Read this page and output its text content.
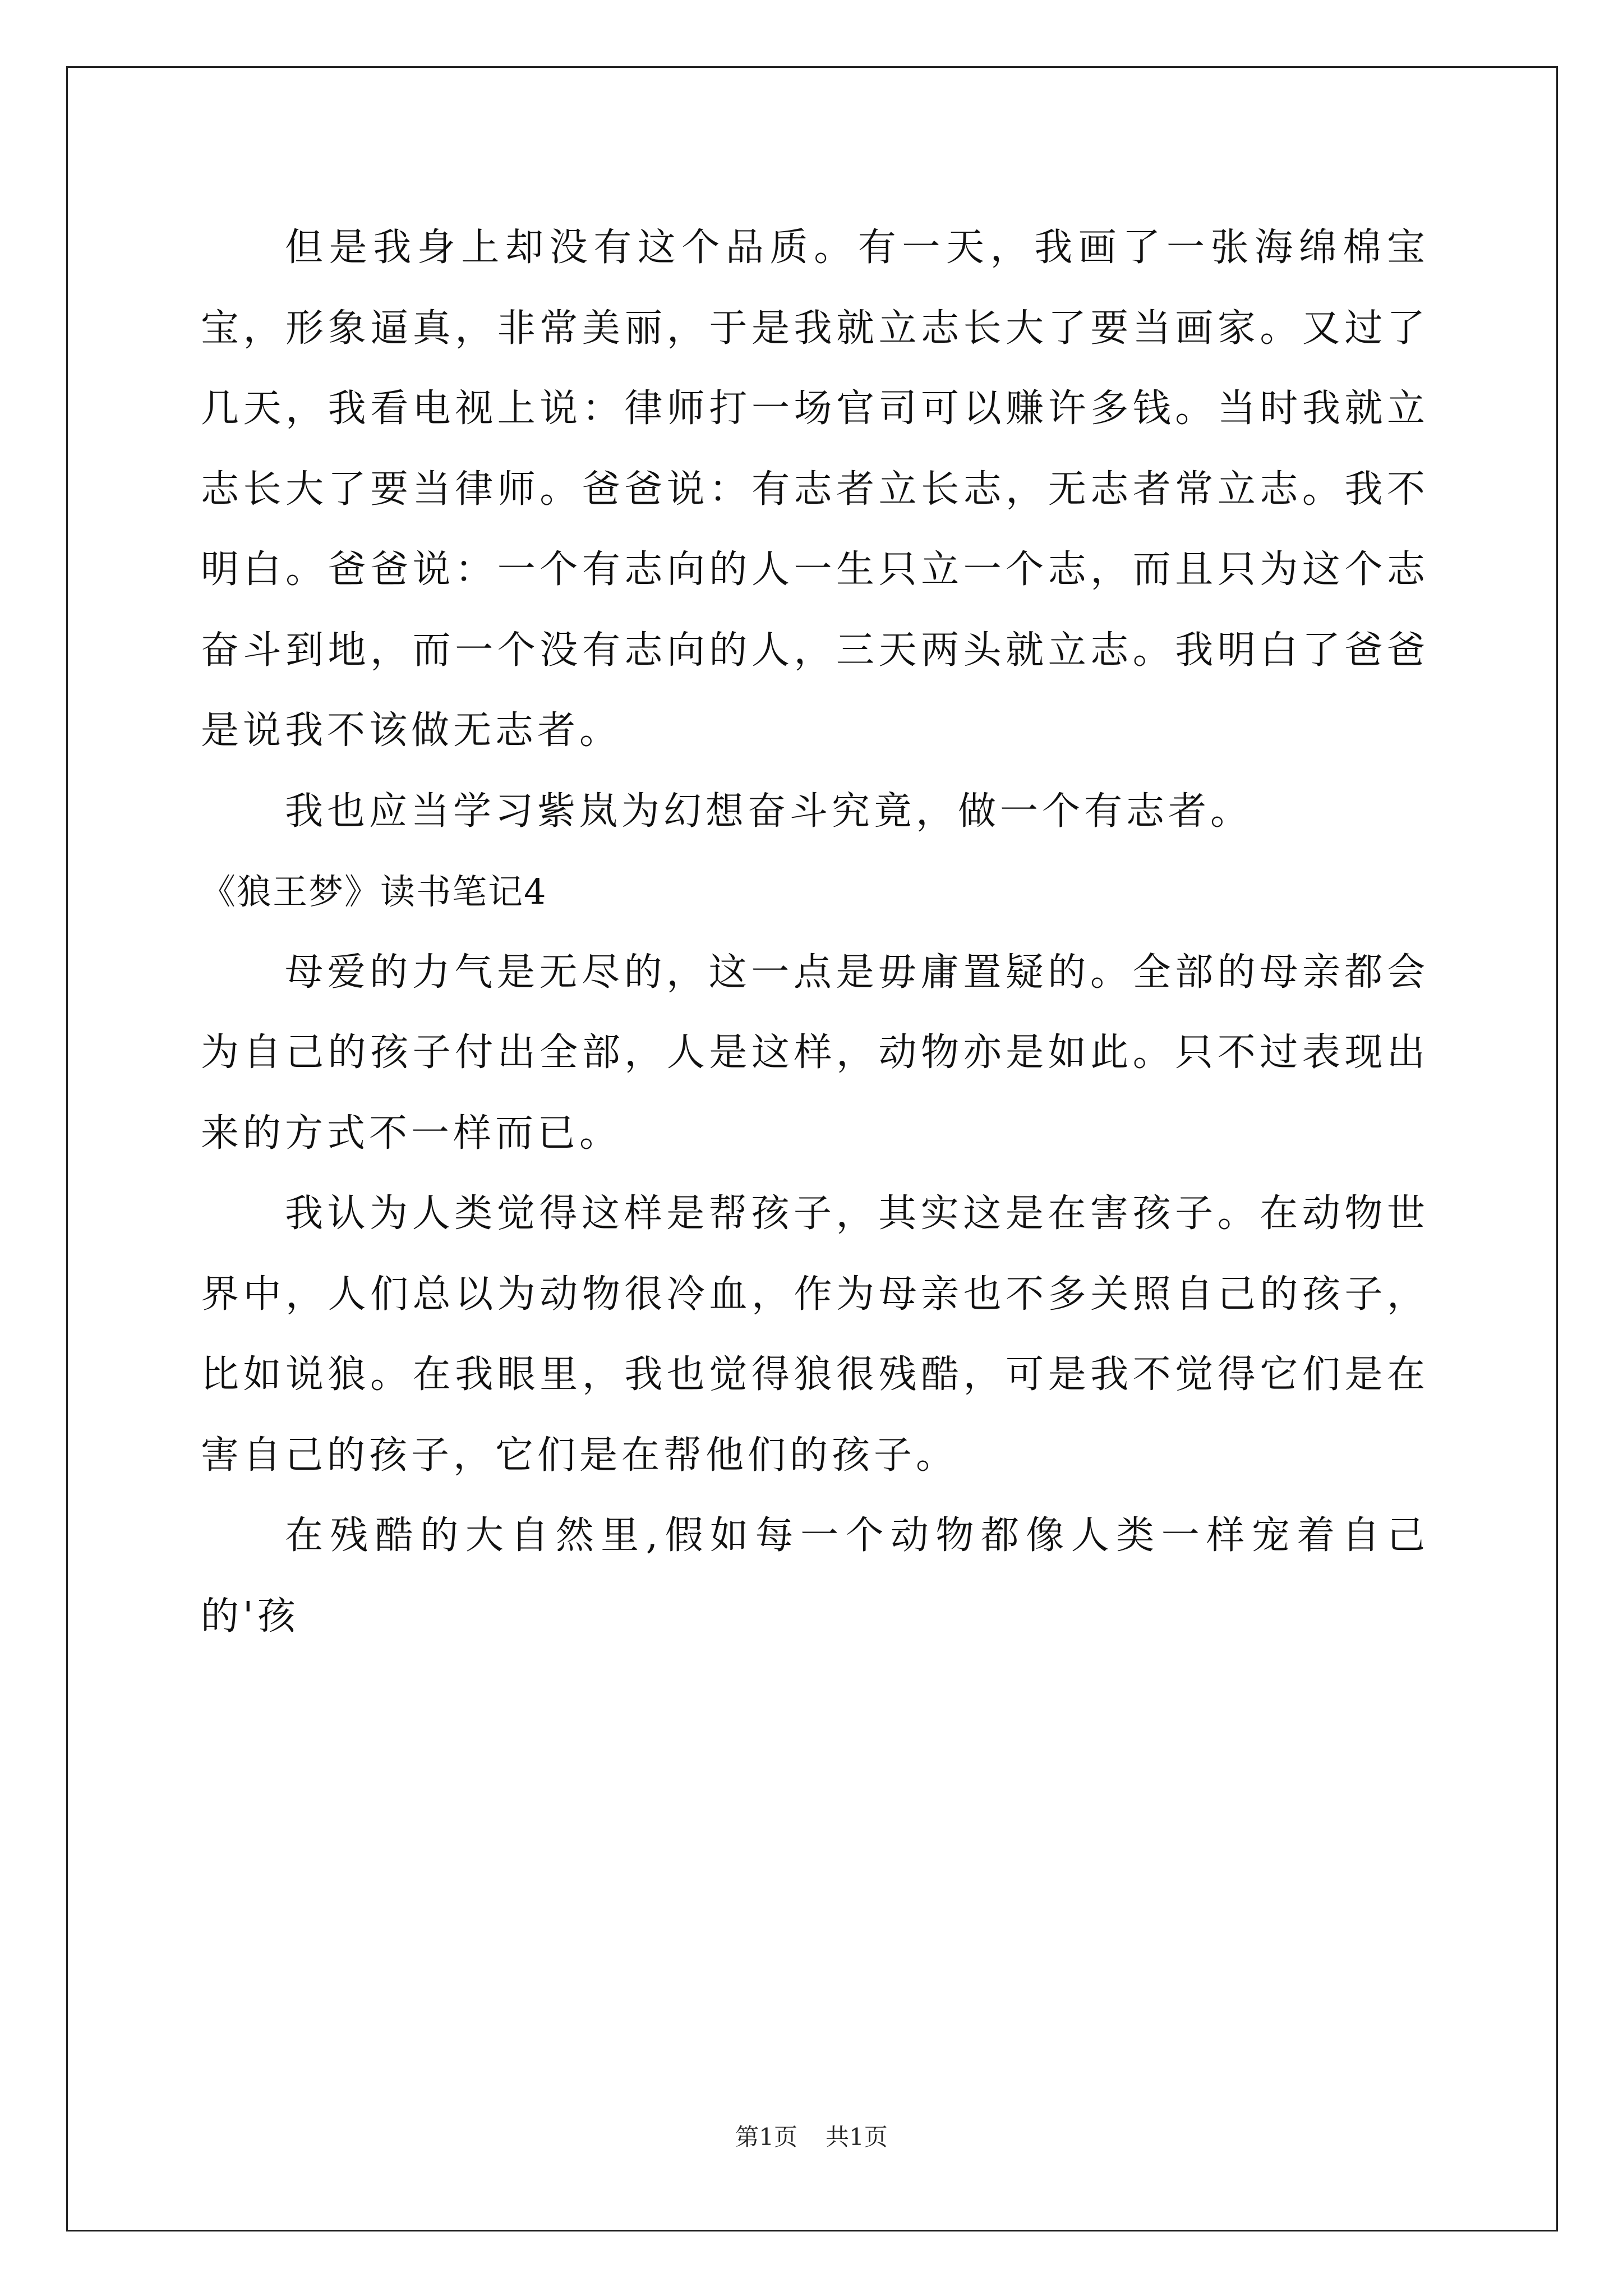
但是我身上却没有这个品质。有一天，我画了一张海绵棉宝宝，形象逼真，非常美丽，于是我就立志长大了要当画家。又过了几天，我看电视上说：律师打一场官司可以赚许多钱。当时我就立志长大了要当律师。爸爸说：有志者立长志，无志者常立志。我不明白。爸爸说：一个有志向的人一生只立一个志，而且只为这个志奋斗到地，而一个没有志向的人，三天两头就立志。我明白了爸爸是说我不该做无志者。

我也应当学习紫岚为幻想奋斗究竟，做一个有志者。

《狼王梦》读书笔记4

母爱的力气是无尽的，这一点是毋庸置疑的。全部的母亲都会为自己的孩子付出全部，人是这样，动物亦是如此。只不过表现出来的方式不一样而已。

我认为人类觉得这样是帮孩子，其实这是在害孩子。在动物世界中，人们总以为动物很冷血，作为母亲也不多关照自己的孩子，比如说狼。在我眼里，我也觉得狼很残酷，可是我不觉得它们是在害自己的孩子，它们是在帮他们的孩子。

在残酷的大自然里,假如每一个动物都像人类一样宠着自己的'孩

第1页 共1页
